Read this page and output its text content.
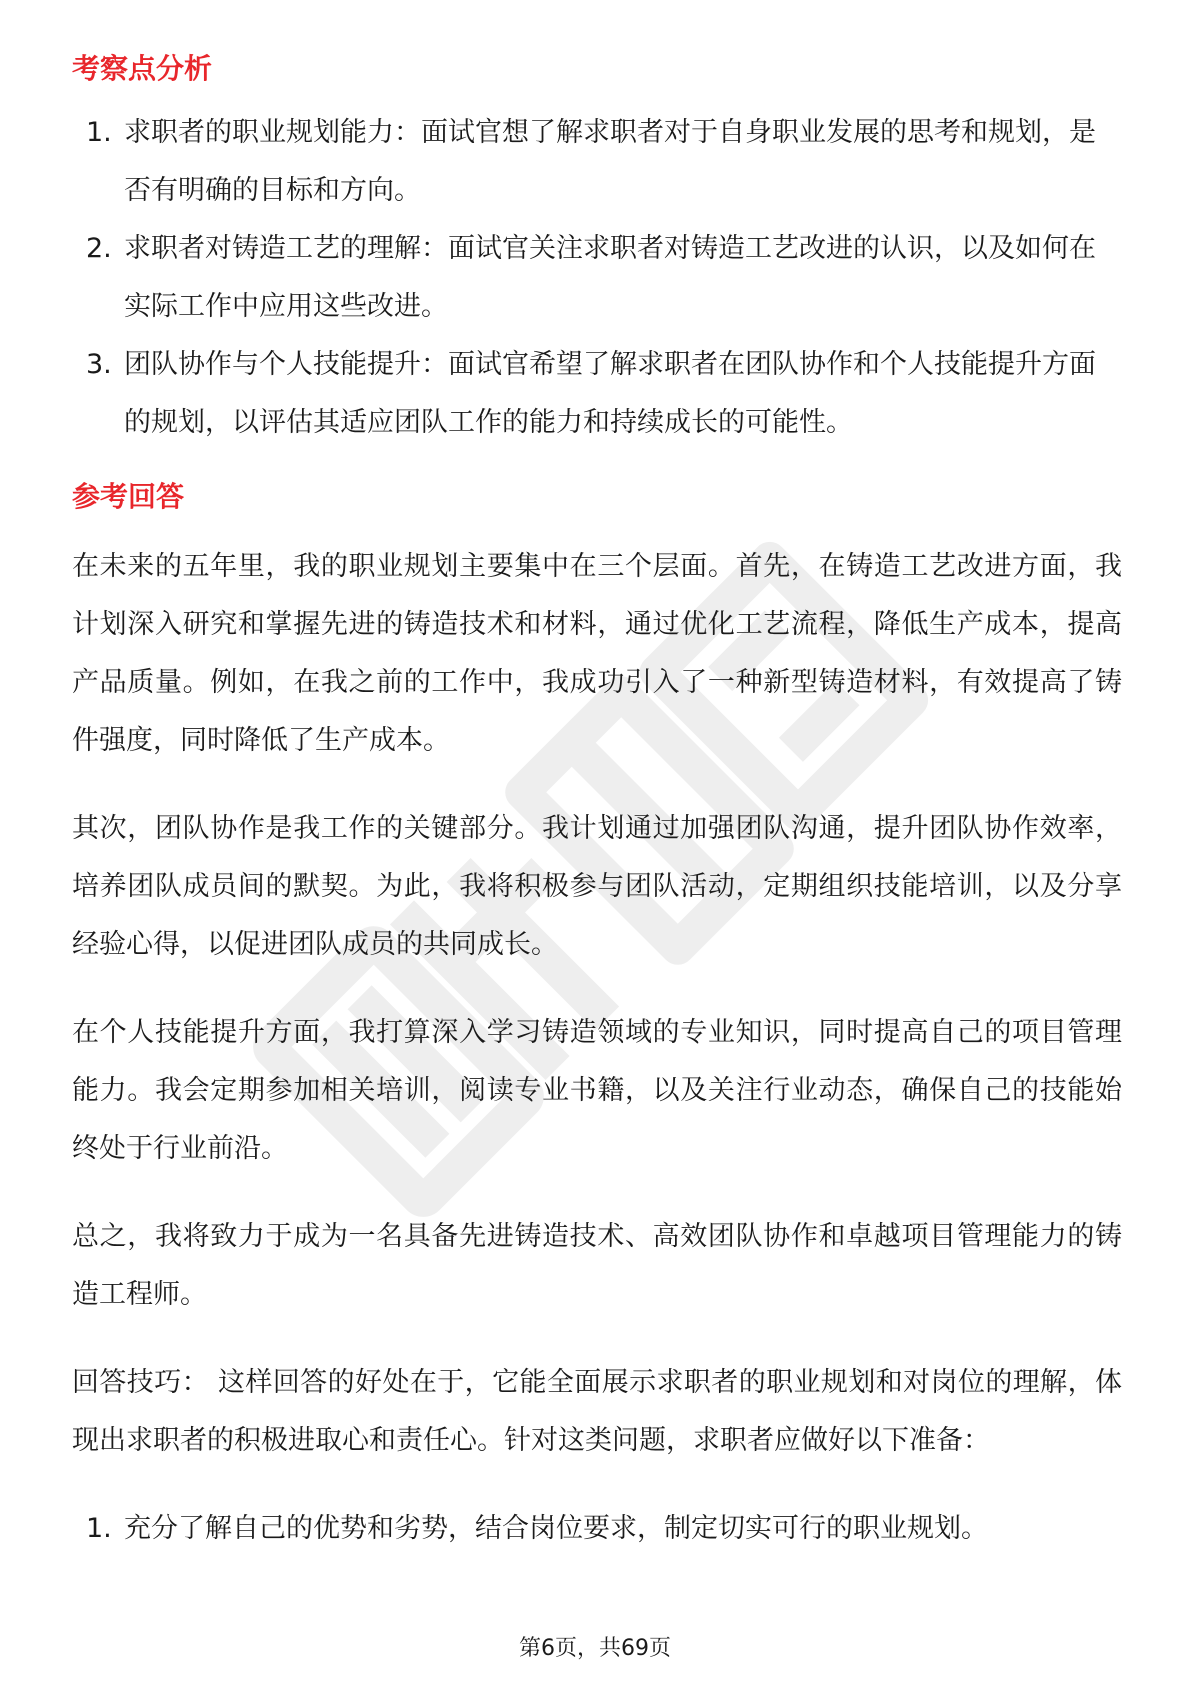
考察点分析
1. 求职者的职业规划能力：面试官想了解求职者对于自身职业发展的思考和规划，是否有明确的目标和方向。
2. 求职者对铸造工艺的理解：面试官关注求职者对铸造工艺改进的认识，以及如何在实际工作中应用这些改进。
3. 团队协作与个人技能提升：面试官希望了解求职者在团队协作和个人技能提升方面的规划，以评估其适应团队工作的能力和持续成长的可能性。
参考回答

在未来的五年里，我的职业规划主要集中在三个层面。首先，在铸造工艺改进方面，我计划深入研究和掌握先进的铸造技术和材料，通过优化工艺流程，降低生产成本，提高产品质量。例如，在我之前的工作中，我成功引入了一种新型铸造材料，有效提高了铸件强度，同时降低了生产成本。

其次，团队协作是我工作的关键部分。我计划通过加强团队沟通，提升团队协作效率，培养团队成员间的默契。为此，我将积极参与团队活动，定期组织技能培训，以及分享经验心得，以促进团队成员的共同成长。

在个人技能提升方面，我打算深入学习铸造领域的专业知识，同时提高自己的项目管理能力。我会定期参加相关培训，阅读专业书籍，以及关注行业动态，确保自己的技能始终处于行业前沿。

总之，我将致力于成为一名具备先进铸造技术、高效团队协作和卓越项目管理能力的铸造工程师。

回答技巧： 这样回答的好处在于，它能全面展示求职者的职业规划和对岗位的理解，体现出求职者的积极进取心和责任心。针对这类问题，求职者应做好以下准备：

1. 充分了解自己的优势和劣势，结合岗位要求，制定切实可行的职业规划。
第6页，共69页
